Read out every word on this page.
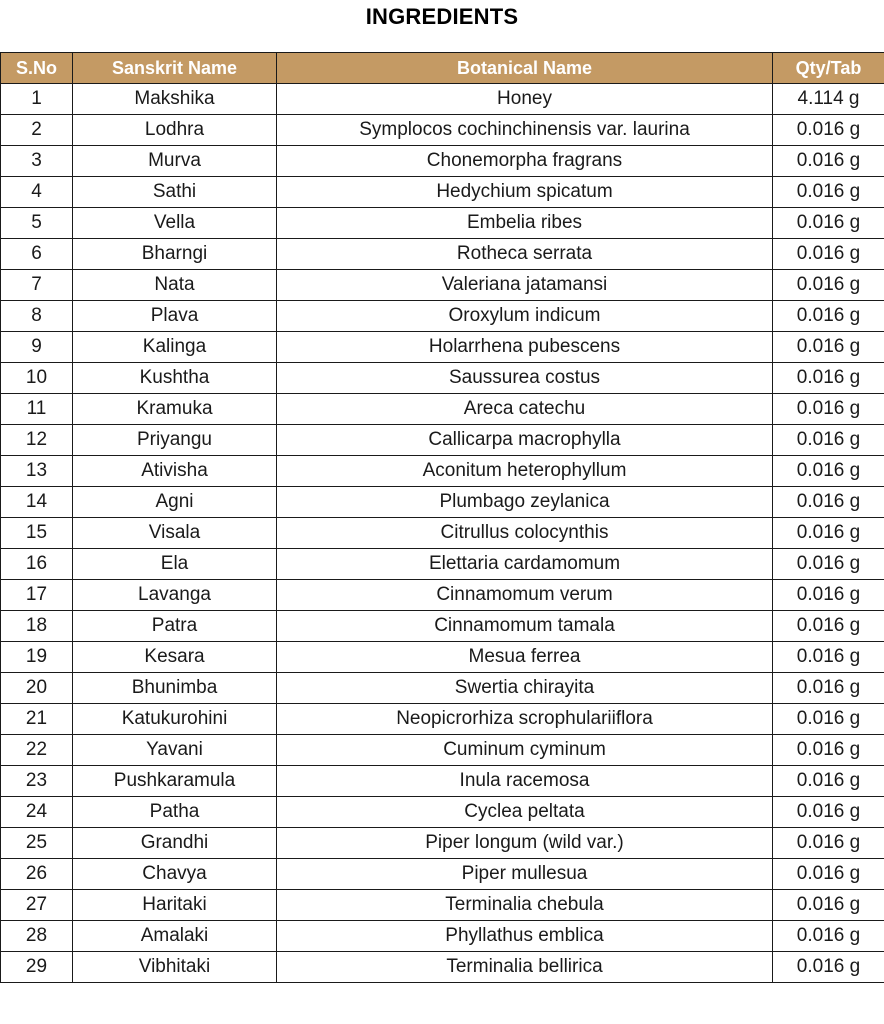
INGREDIENTS
S.No	Sanskrit Name	Botanical Name	Qty/Tab
1	Makshika	Honey	4.114 g
2	Lodhra	Symplocos cochinchinensis var. laurina	0.016 g
3	Murva	Chonemorpha fragrans	0.016 g
4	Sathi	Hedychium spicatum	0.016 g
5	Vella	Embelia ribes	0.016 g
6	Bharngi	Rotheca serrata	0.016 g
7	Nata	Valeriana jatamansi	0.016 g
8	Plava	Oroxylum indicum	0.016 g
9	Kalinga	Holarrhena pubescens	0.016 g
10	Kushtha	Saussurea costus	0.016 g
11	Kramuka	Areca catechu	0.016 g
12	Priyangu	Callicarpa macrophylla	0.016 g
13	Ativisha	Aconitum heterophyllum	0.016 g
14	Agni	Plumbago zeylanica	0.016 g
15	Visala	Citrullus colocynthis	0.016 g
16	Ela	Elettaria cardamomum	0.016 g
17	Lavanga	Cinnamomum verum	0.016 g
18	Patra	Cinnamomum tamala	0.016 g
19	Kesara	Mesua ferrea	0.016 g
20	Bhunimba	Swertia chirayita	0.016 g
21	Katukurohini	Neopicrorhiza scrophulariiflora	0.016 g
22	Yavani	Cuminum cyminum	0.016 g
23	Pushkaramula	Inula racemosa	0.016 g
24	Patha	Cyclea peltata	0.016 g
25	Grandhi	Piper longum (wild var.)	0.016 g
26	Chavya	Piper mullesua	0.016 g
27	Haritaki	Terminalia chebula	0.016 g
28	Amalaki	Phyllathus emblica	0.016 g
29	Vibhitaki	Terminalia bellirica	0.016 g
